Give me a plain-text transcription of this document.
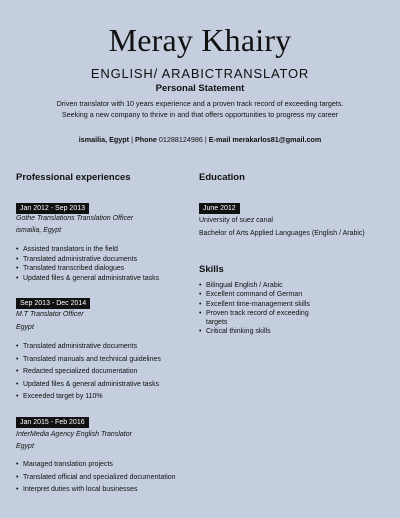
Meray Khairy
ENGLISH/ ARABICTRANSLATOR
Personal Statement

Driven translator with 10 years experience and a proven track record of exceeding targets.
Seeking a new company to thrive in and that offers opportunities to progress my career

ismailia, Egypt | Phone 01288124986 | E-mail merakarlos81@gmail.com

Professional experiences
Jan 2012 - Sep 2013

Gothe Translations Translation Officer

ismailia, Egypt

• Assisted translators in the field
• Translated administrative documents
• Translated transcribed dialogues
• Updated files & general administrative tasks
Sep 2013 - Dec 2014

M.T Translator Officer

Egypt

• Translated administrative documents
• Translated manuals and technical guidelines
• Redacted specialized documentation
• Updated files & general administrative tasks
• Exceeded target by 110%
Jan 2015 - Feb 2016

InterMedia Agency English Translator

Egypt

• Managed translation projects
• Translated official and specialized documentation
• Interpret duties with local businesses
Education
June 2012

University of suez canal

Bachelor of Arts Applied Languages (English / Arabic)

Skills
• Bilingual English / Arabic
• Excellent command of German
• Excellent time-management skills
• Proven track record of exceeding targets
• Critical thinking skills
